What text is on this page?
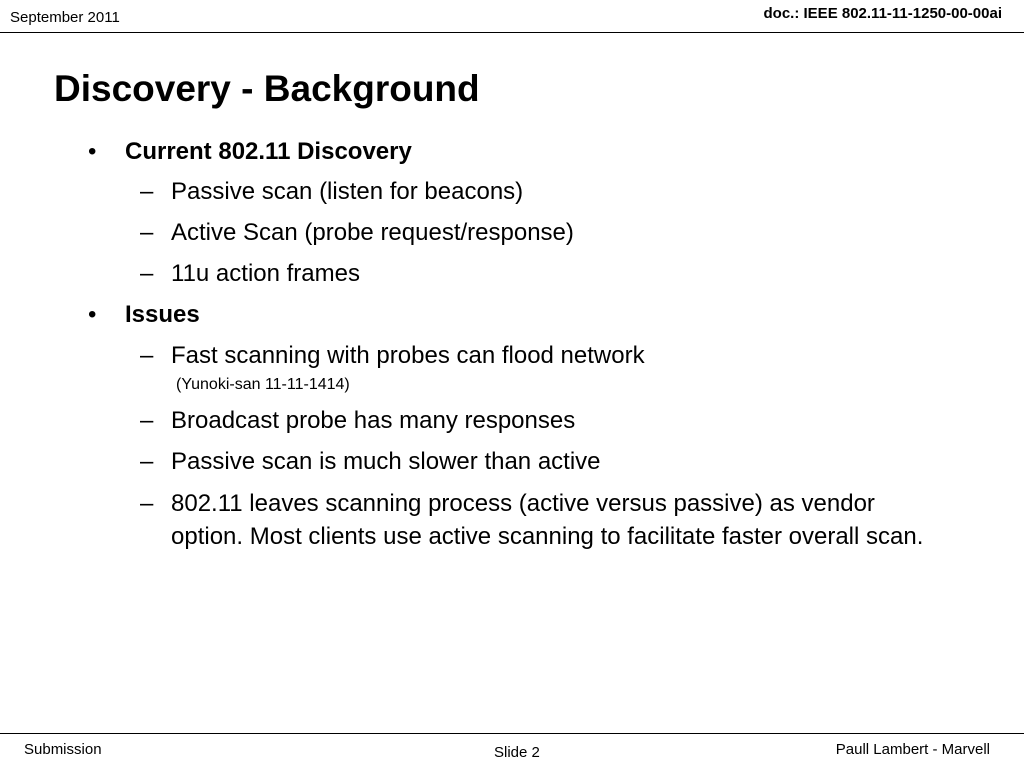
September 2011	doc.: IEEE 802.11-11-1250-00-00ai
Discovery - Background
• Current 802.11 Discovery
– Passive scan (listen for beacons)
– Active Scan (probe request/response)
– 11u action frames
• Issues
– Fast scanning with probes can flood network
(Yunoki-san 11-11-1414)
– Broadcast probe has many responses
– Passive scan is much slower than active
– 802.11 leaves scanning process (active versus passive) as vendor option. Most clients use active scanning to facilitate faster overall scan.
Submission	Slide 2	Paull Lambert - Marvell
